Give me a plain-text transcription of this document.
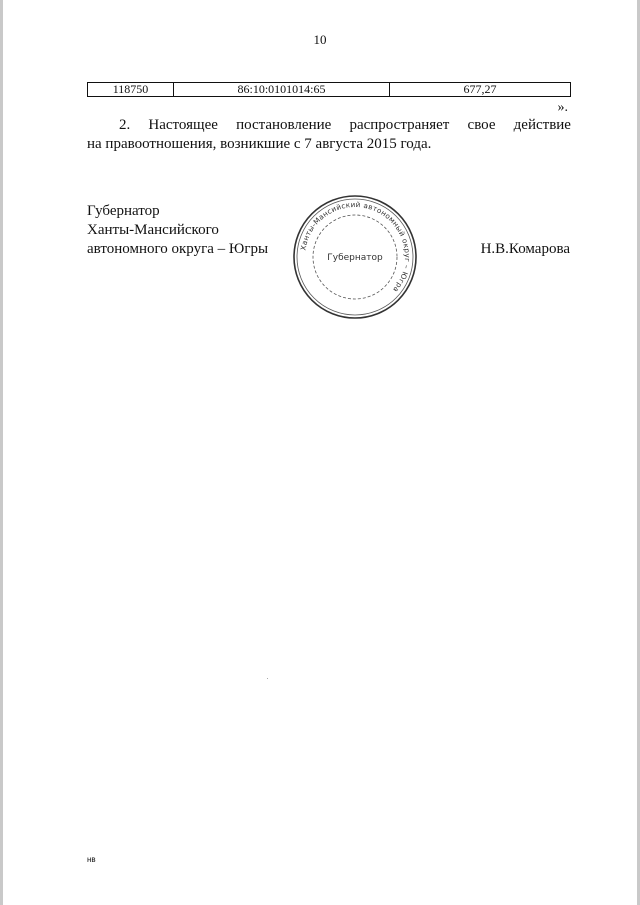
10
118750	86:10:0101014:65	677,27
».
2. Настоящее постановление распространяет свое действие
на правоотношения, возникшие с 7 августа 2015 года.
Губернатор
Ханты-Мансийского
автономного округа – Югры	Ханты-Мансийский автономный округ – Югра
Губернатор
Н.В.Комарова
нв
